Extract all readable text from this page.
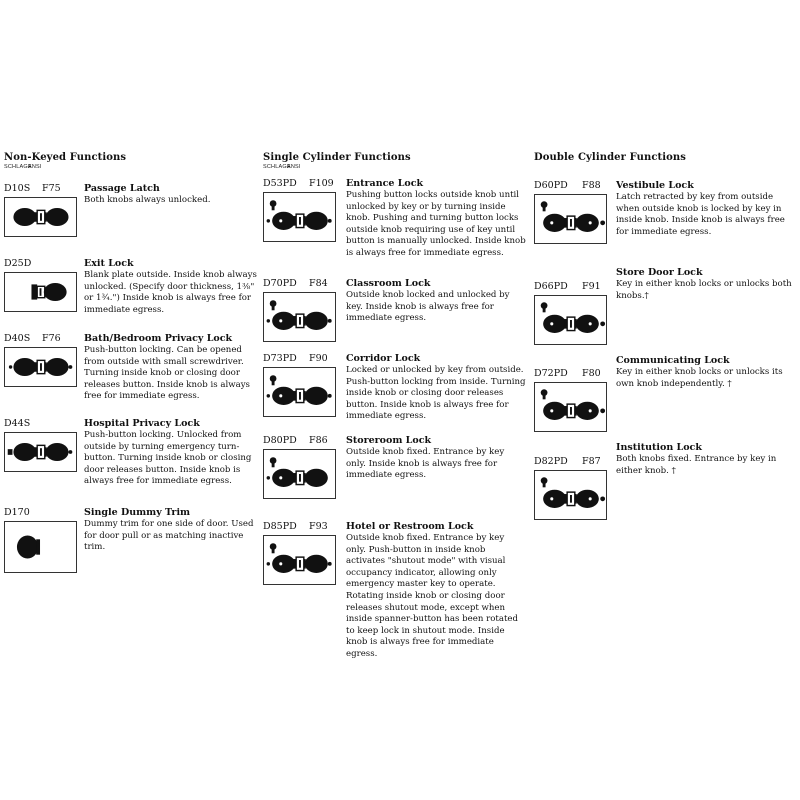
Non-Keyed Functions
SCHLAGEANSI
D10S F75 Passage Latch
Both knobs always unlocked.
D25D	Exit Lock
Blank plate outside. Inside knob always unlocked. (Specify door thickness, 1⅜" or 1¾.") Inside knob is always free for immediate egress.
D40S F76 Bath/Bedroom Privacy Lock
Push-button locking. Can be opened from outside with small screwdriver. Turning inside knob or closing door releases button. Inside knob is always free for immediate egress.
D44S	Hospital Privacy Lock
Push-button locking. Unlocked from outside by turning emergency turn-button. Turning inside knob or closing door releases button. Inside knob is always free for immediate egress.
D170	Single Dummy Trim
Dummy trim for one side of door. Used for door pull or as matching inactive trim.
Single Cylinder Functions
SCHLAGEANSI
D53PD F109 Entrance Lock
Pushing button locks outside knob until unlocked by key or by turning inside knob. Pushing and turning button locks outside knob requiring use of key until button is manually unlocked. Inside knob is always free for immediate egress.
D70PD F84 Classroom Lock
Outside knob locked and unlocked by key. Inside knob is always free for immediate egress.
D73PD F90 Corridor Lock
Locked or unlocked by key from outside. Push-button locking from inside. Turning inside knob or closing door releases button. Inside knob is always free for immediate egress.
D80PD F86 Storeroom Lock
Outside knob fixed. Entrance by key only. Inside knob is always free for immediate egress.
D85PD F93 Hotel or Restroom Lock
Outside knob fixed. Entrance by key only. Push-button in inside knob activates "shutout mode" with visual occupancy indicator, allowing only emergency master key to operate. Rotating inside knob or closing door releases shutout mode, except when inside spanner-button has been rotated to keep lock in shutout mode. Inside knob is always free for immediate egress.
Double Cylinder Functions
D60PD F88 Vestibule Lock
Latch retracted by key from outside when outside knob is locked by key in inside knob. Inside knob is always free for immediate egress.
D66PD F91
Store Door Lock
Key in either knob locks or unlocks both knobs.†
D72PD F80
Communicating Lock
Key in either knob locks or unlocks its own knob independently. †
D82PD F87
Institution Lock
Both knobs fixed. Entrance by key in either knob. †
